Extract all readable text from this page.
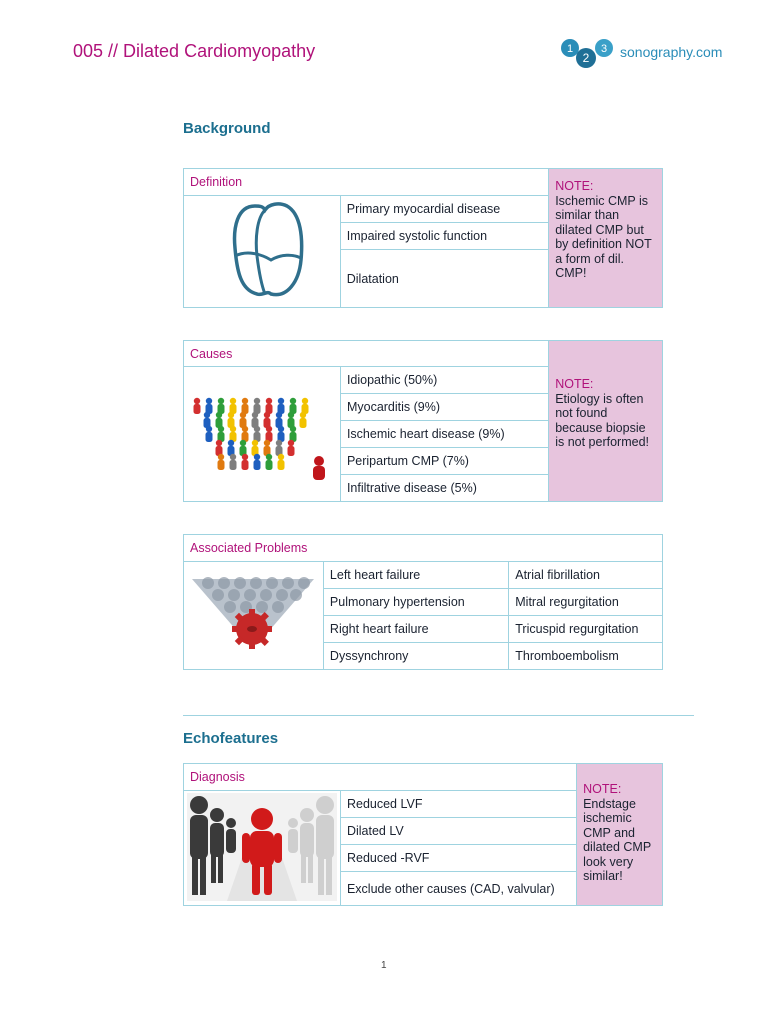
005 // Dilated Cardiomyopathy	1
2
3 sonography.com
Background
Definition		NOTE:
Ischemic CMP is similar than dilated CMP but by definition NOT a form of dil. CMP!
	Primary myocardial disease	
	Impaired systolic function	
	Dilatation	
Causes		NOTE:
Etiology is often not found because biopsie is not performed!
	Idiopathic (50%)	
	Myocarditis (9%)	
	Ischemic heart disease (9%)	
	Peripartum CMP (7%)	
	Infiltrative disease (5%)	
Associated Problems		
	Left heart failure	Atrial fibrillation
	Pulmonary hypertension	Mitral regurgitation
	Right heart failure	Tricuspid regurgitation
	Dyssynchrony	Thromboembolism
Echofeatures
Diagnosis		NOTE:
Endstage ischemic CMP and dilated CMP look very similar!
	Reduced LVF	
	Dilated LV	
	Reduced -RVF	
	Exclude other causes (CAD, valvular)	
1
